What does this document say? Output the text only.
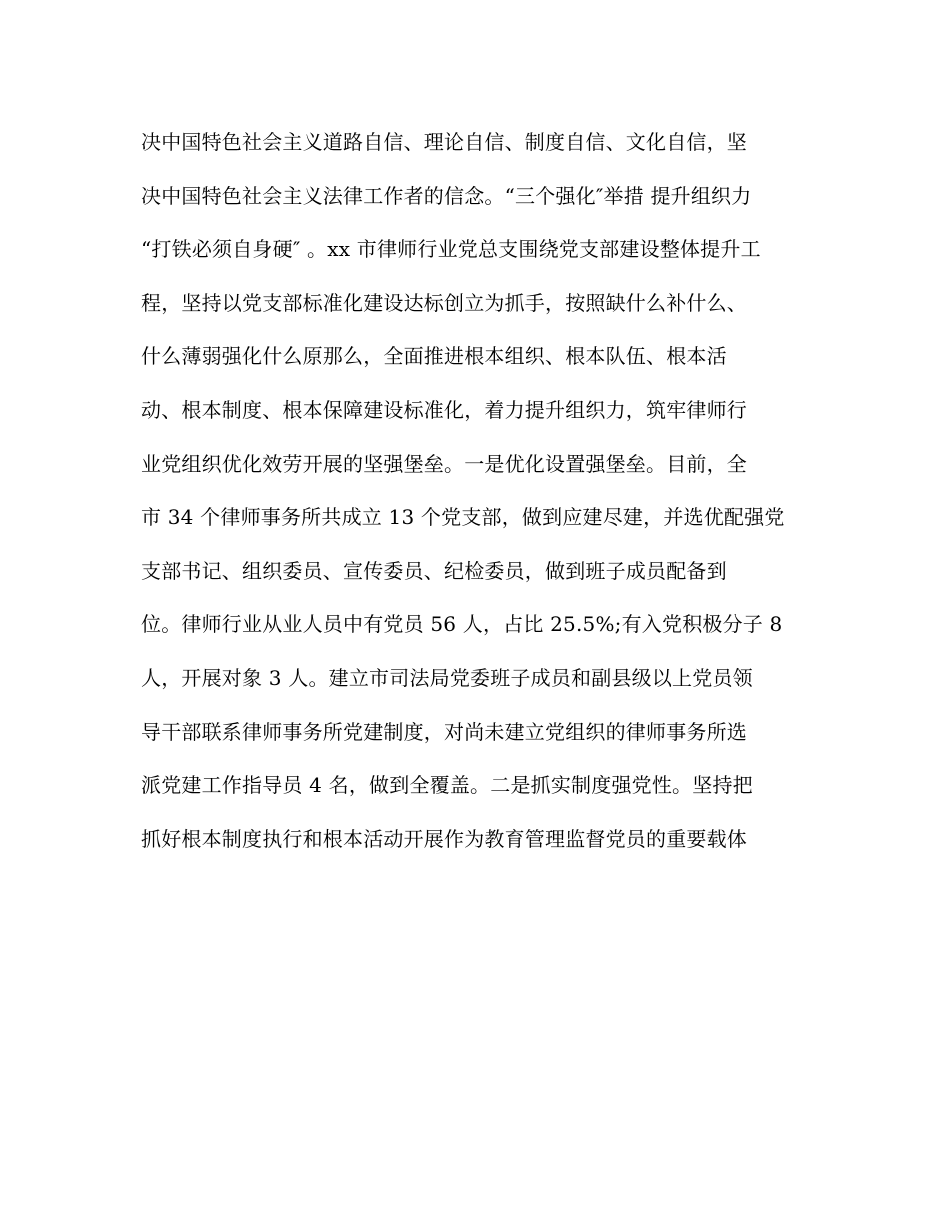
决中国特色社会主义道路自信、理论自信、制度自信、文化自信，坚
决中国特色社会主义法律工作者的信念。“三个强化″举措 提升组织力
“打铁必须自身硬″ 。xx 市律师行业党总支围绕党支部建设整体提升工
程，坚持以党支部标准化建设达标创立为抓手，按照缺什么补什么、
什么薄弱强化什么原那么，全面推进根本组织、根本队伍、根本活
动、根本制度、根本保障建设标准化，着力提升组织力，筑牢律师行
业党组织优化效劳开展的坚强堡垒。一是优化设置强堡垒。目前，全
市 34 个律师事务所共成立 13 个党支部，做到应建尽建，并选优配强党
支部书记、组织委员、宣传委员、纪检委员，做到班子成员配备到
位。律师行业从业人员中有党员 56 人，占比 25.5%;有入党积极分子 8
人，开展对象 3 人。建立市司法局党委班子成员和副县级以上党员领
导干部联系律师事务所党建制度，对尚未建立党组织的律师事务所选
派党建工作指导员 4 名，做到全覆盖。二是抓实制度强党性。坚持把
抓好根本制度执行和根本活动开展作为教育管理监督党员的重要载体
